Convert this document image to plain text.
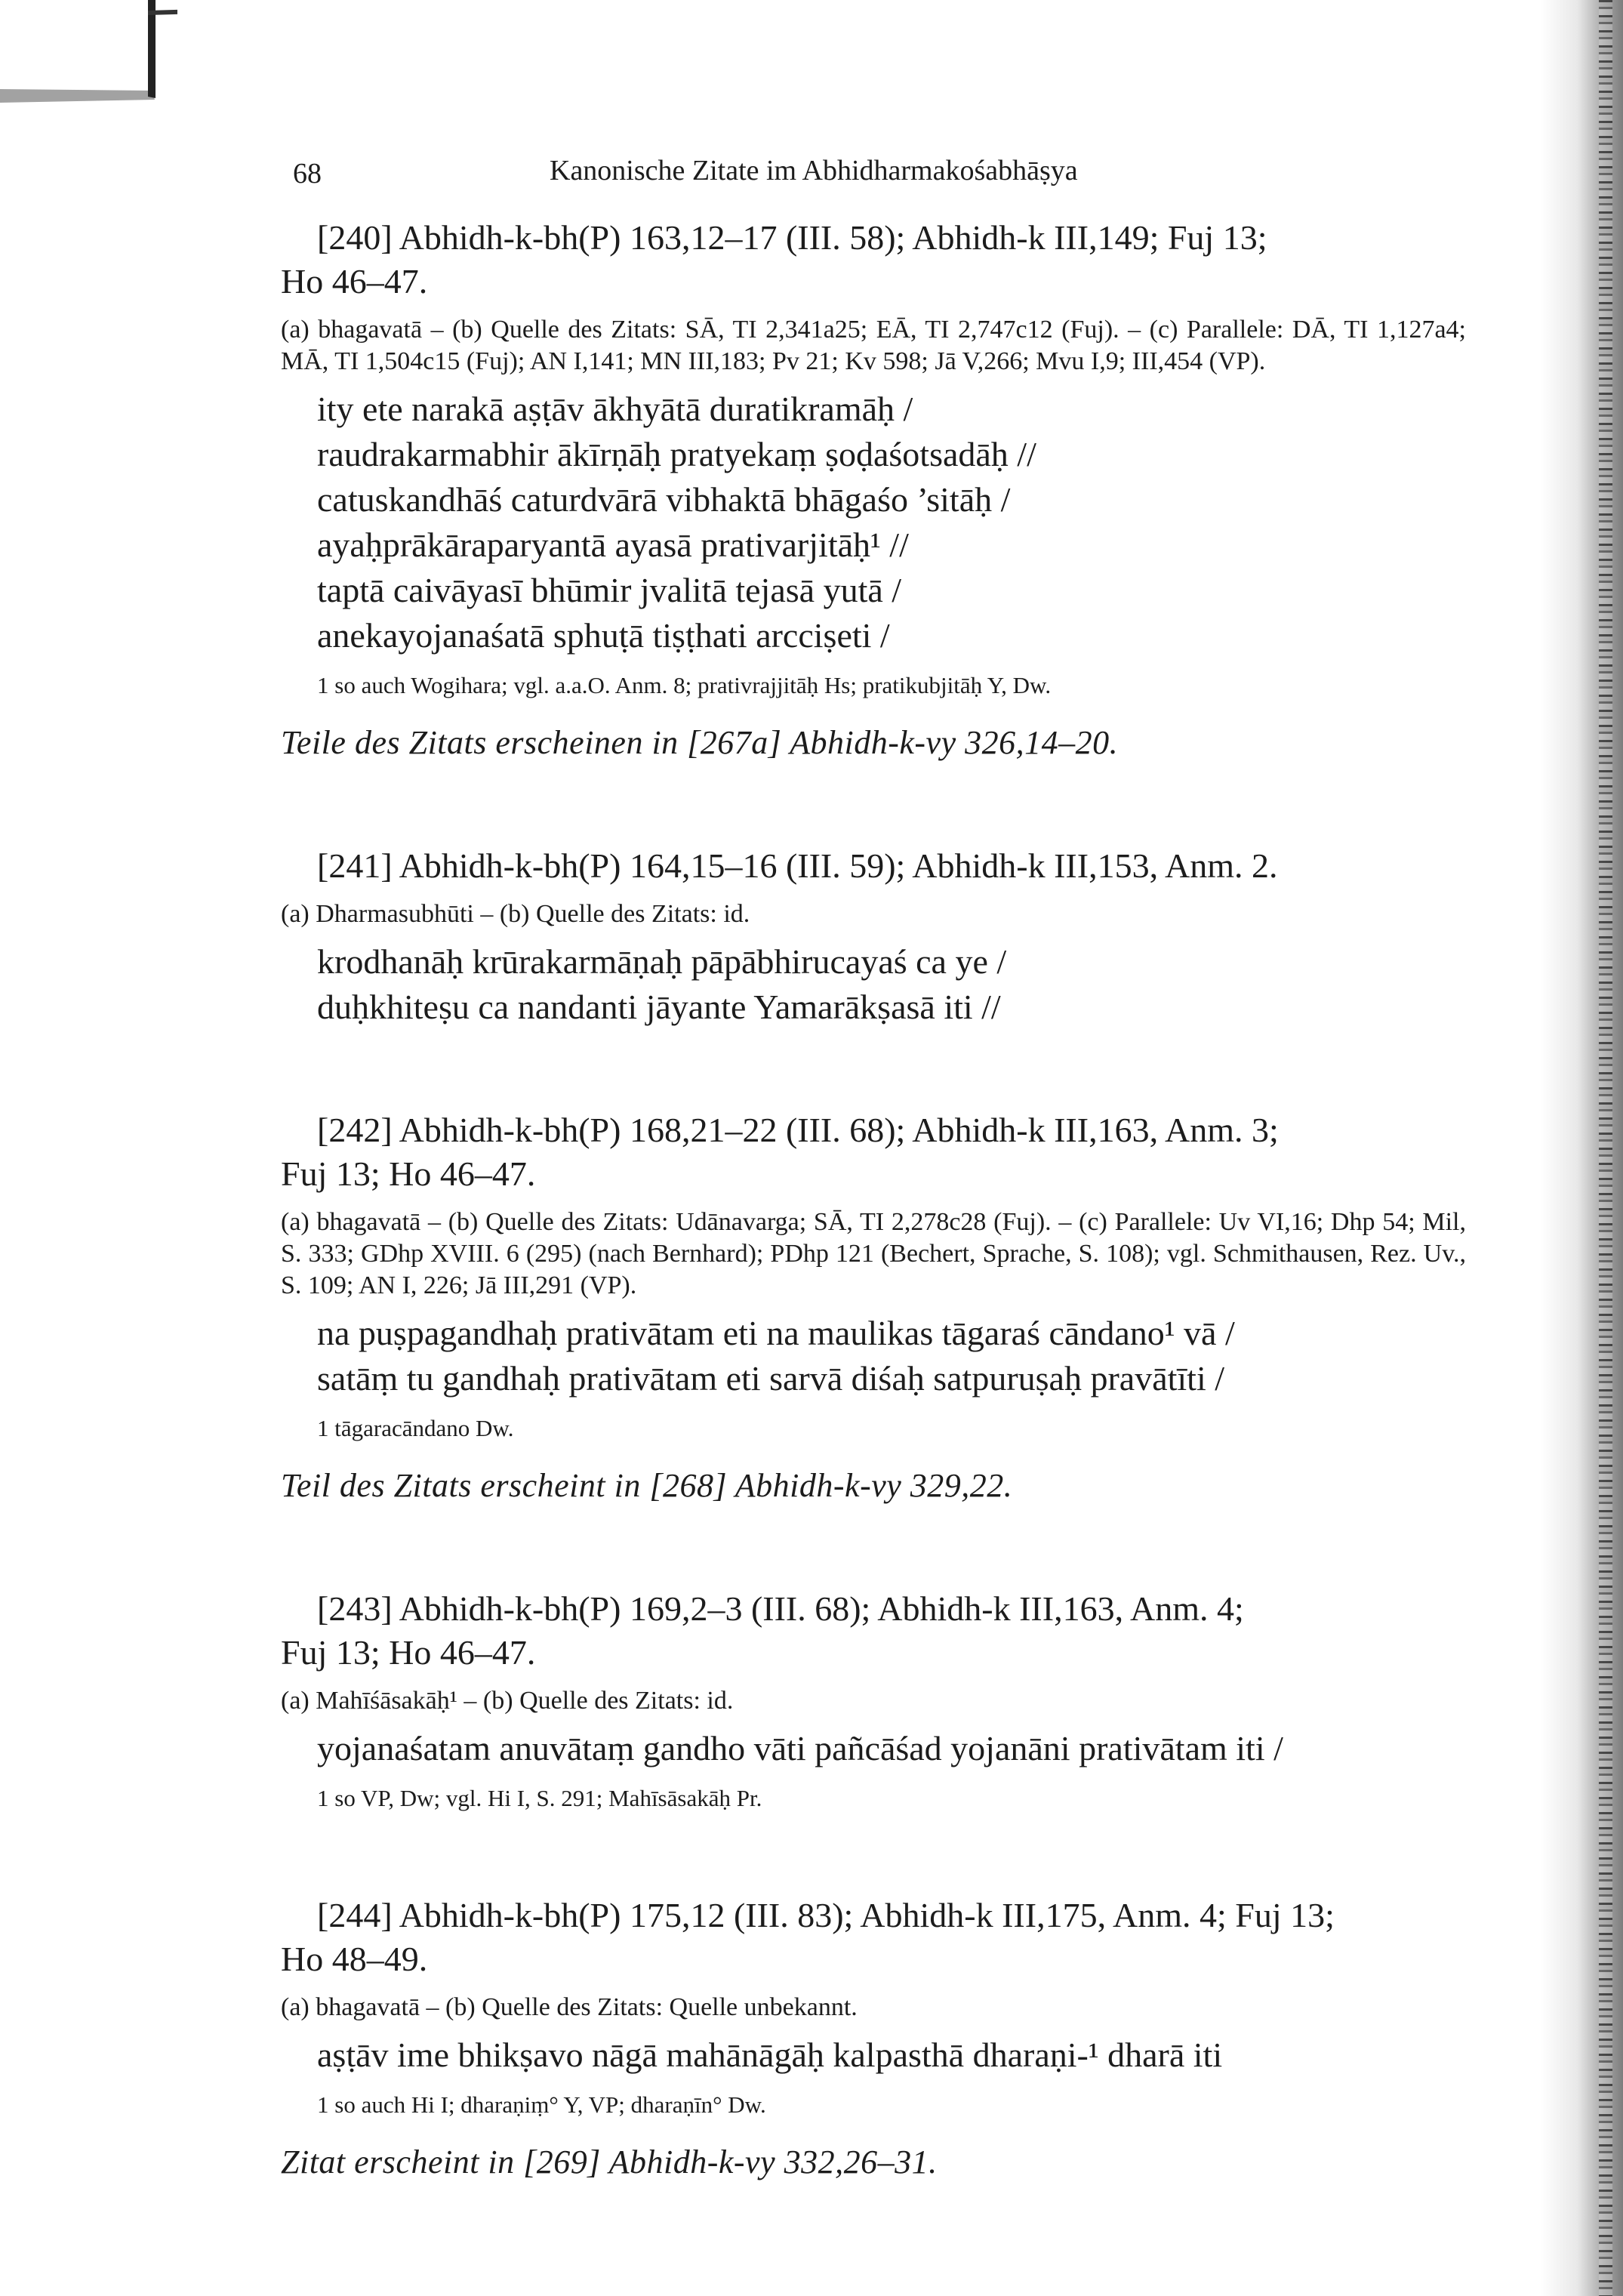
68	Kanonische Zitate im Abhidharmakośabhāṣya
[240] Abhidh-k-bh(P) 163,12–17 (III. 58); Abhidh-k III,149; Fuj 13;
Ho 46–47.
(a) bhagavatā – (b) Quelle des Zitats: SĀ, TI 2,341a25; EĀ, TI 2,747c12 (Fuj). – (c) Parallele: DĀ, TI 1,127a4; MĀ, TI 1,504c15 (Fuj); AN I,141; MN III,183; Pv 21; Kv 598; Jā V,266; Mvu I,9; III,454 (VP).
ity ete narakā aṣṭāv ākhyātā duratikramāḥ /
raudrakarmabhir ākīrṇāḥ pratyekaṃ ṣoḍaśotsadāḥ //
catuskandhāś caturdvārā vibhaktā bhāgaśo ’sitāḥ /
ayaḥprākāraparyantā ayasā prativarjitāḥ¹ //
taptā caivāyasī bhūmir jvalitā tejasā yutā /
anekayojanaśatā sphuṭā tiṣṭhati arcciṣeti /
1 so auch Wogihara; vgl. a.a.O. Anm. 8; prativrajjitāḥ Hs; pratikubjitāḥ Y, Dw.
Teile des Zitats erscheinen in [267a] Abhidh-k-vy 326,14–20.
[241] Abhidh-k-bh(P) 164,15–16 (III. 59); Abhidh-k III,153, Anm. 2.
(a) Dharmasubhūti – (b) Quelle des Zitats: id.
krodhanāḥ krūrakarmāṇaḥ pāpābhirucayaś ca ye /
duḥkhiteṣu ca nandanti jāyante Yamarākṣasā iti //
[242] Abhidh-k-bh(P) 168,21–22 (III. 68); Abhidh-k III,163, Anm. 3;
Fuj 13; Ho 46–47.
(a) bhagavatā – (b) Quelle des Zitats: Udānavarga; SĀ, TI 2,278c28 (Fuj). – (c) Parallele: Uv VI,16; Dhp 54; Mil, S. 333; GDhp XVIII. 6 (295) (nach Bernhard); PDhp 121 (Bechert, Sprache, S. 108); vgl. Schmithausen, Rez. Uv., S. 109; AN I, 226; Jā III,291 (VP).
na puṣpagandhaḥ prativātam eti na maulikas tāgaraś cāndano¹ vā /
satāṃ tu gandhaḥ prativātam eti sarvā diśaḥ satpuruṣaḥ pravātīti /
1 tāgaracāndano Dw.
Teil des Zitats erscheint in [268] Abhidh-k-vy 329,22.
[243] Abhidh-k-bh(P) 169,2–3 (III. 68); Abhidh-k III,163, Anm. 4;
Fuj 13; Ho 46–47.
(a) Mahīśāsakāḥ¹ – (b) Quelle des Zitats: id.
yojanaśatam anuvātaṃ gandho vāti pañcāśad yojanāni prativātam iti /
1 so VP, Dw; vgl. Hi I, S. 291; Mahīsāsakāḥ Pr.
[244] Abhidh-k-bh(P) 175,12 (III. 83); Abhidh-k III,175, Anm. 4; Fuj 13;
Ho 48–49.
(a) bhagavatā – (b) Quelle des Zitats: Quelle unbekannt.
aṣṭāv ime bhikṣavo nāgā mahānāgāḥ kalpasthā dharaṇi-¹ dharā iti
1 so auch Hi I; dharaṇiṃ° Y, VP; dharaṇīn° Dw.
Zitat erscheint in [269] Abhidh-k-vy 332,26–31.
